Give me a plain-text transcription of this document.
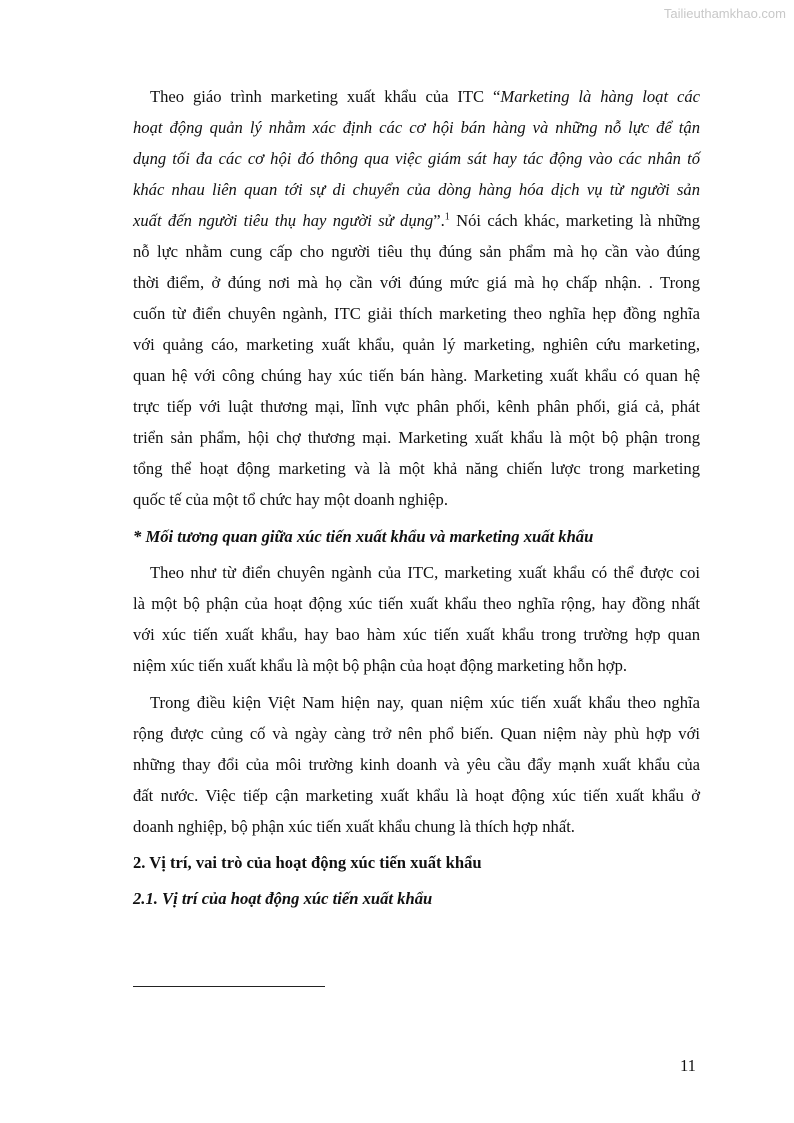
Tailieuthamkhao.com
Theo giáo trình marketing xuất khẩu của ITC “Marketing là hàng loạt các
hoạt động quản lý nhằm xác định các cơ hội bán hàng và những nỗ lực để tận
dụng tối đa các cơ hội đó thông qua việc giám sát hay tác động vào các nhân tố
khác nhau liên quan tới sự di chuyển của dòng hàng hóa dịch vụ từ người sản
xuất đến người tiêu thụ hay người sử dụng”.$^1$ Nói cách khác, marketing là những
nỗ lực nhằm cung cấp cho người tiêu thụ đúng sản phẩm mà họ cần vào đúng
thời điểm, ở đúng nơi mà họ cần với đúng mức giá mà họ chấp nhận. . Trong
cuốn từ điển chuyên ngành, ITC giải thích marketing theo nghĩa hẹp đồng nghĩa
với quảng cáo, marketing xuất khẩu, quản lý marketing, nghiên cứu marketing,
quan hệ với công chúng hay xúc tiến bán hàng. Marketing xuất khẩu có quan hệ
trực tiếp với luật thương mại, lĩnh vực phân phối, kênh phân phối, giá cả, phát
triển sản phẩm, hội chợ thương mại. Marketing xuất khẩu là một bộ phận trong
tổng thể hoạt động marketing và là một khả năng chiến lược trong marketing
quốc tế của một tổ chức hay một doanh nghiệp.
* Mối tương quan giữa xúc tiến xuất khẩu và marketing xuất khẩu
Theo như từ điển chuyên ngành của ITC, marketing xuất khẩu có thể được coi
là một bộ phận của hoạt động xúc tiến xuất khẩu theo nghĩa rộng, hay đồng nhất
với xúc tiến xuất khẩu, hay bao hàm xúc tiến xuất khẩu trong trường hợp quan
niệm xúc tiến xuất khẩu là một bộ phận của hoạt động marketing hỗn hợp.
Trong điều kiện Việt Nam hiện nay, quan niệm xúc tiến xuất khẩu theo nghĩa
rộng được củng cố và ngày càng trở nên phổ biến. Quan niệm này phù hợp với
những thay đổi của môi trường kinh doanh và yêu cầu đẩy mạnh xuất khẩu của
đất nước. Việc tiếp cận marketing xuất khẩu là hoạt động xúc tiến xuất khẩu ở
doanh nghiệp, bộ phận xúc tiến xuất khẩu chung là thích hợp nhất.
2. Vị trí, vai trò của hoạt động xúc tiến xuất khẩu
2.1. Vị trí của hoạt động xúc tiến xuất khẩu
11
